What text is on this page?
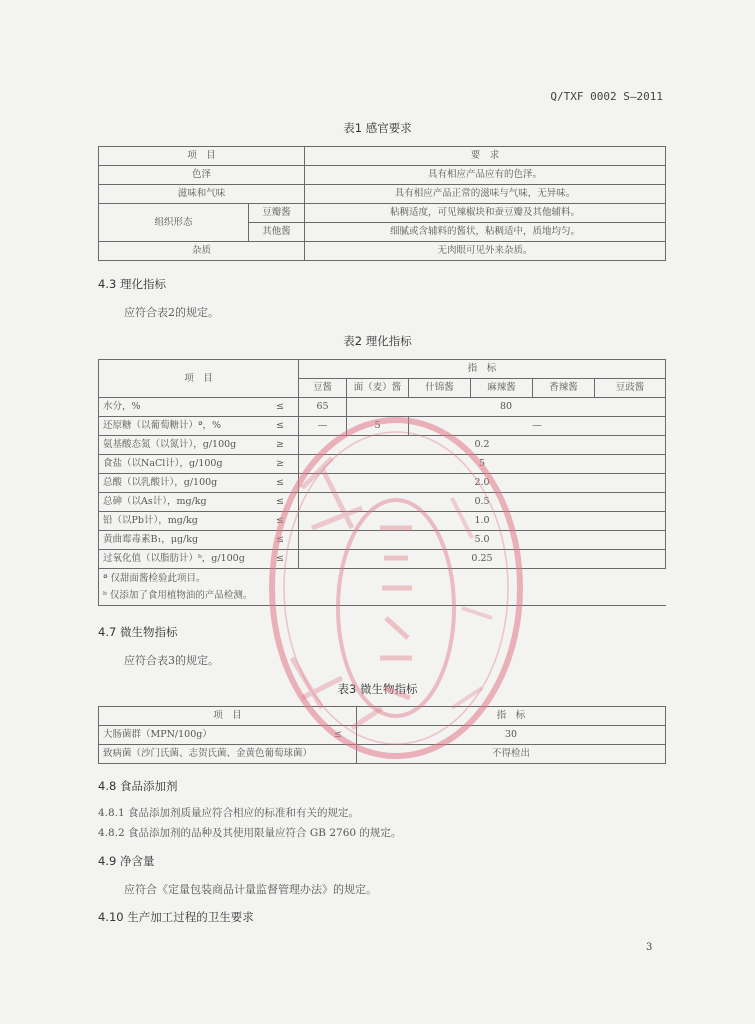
Q/TXF 0002 S—2011
表1 感官要求
项　目		要　求
色泽		具有相应产品应有的色泽。
滋味和气味		具有相应产品正常的滋味与气味，无异味。
组织形态	豆瓣酱	粘稠适度，可见辣椒块和蚕豆瓣及其他辅料。
	其他酱	细腻或含辅料的酱状，粘稠适中，质地均匀。
杂质		无肉眼可见外来杂质。
4.3 理化指标
应符合表2的规定。
表2 理化指标
项　目	指　标					
	豆酱	面（麦）酱	什锦酱	麻辣酱	香辣酱	豆豉酱
水分，% ≤	65	80				
还原糖（以葡萄糖计）ª，% ≤	—	5	—			
氨基酸态氮（以氮计），g/100g ≥	0.2					
食盐（以NaCl计），g/100g ≥	5					
总酸（以乳酸计），g/100g ≤	2.0					
总砷（以As计），mg/kg ≤	0.5					
铅（以Pb计），mg/kg ≤	1.0					
黄曲霉毒素B₁，μg/kg ≤	5.0					
过氧化值（以脂肪计）ᵇ，g/100g ≤	0.25					

ª 仅甜面酱检验此项目。
ᵇ 仅添加了食用植物油的产品检测。						
4.7 微生物指标
应符合表3的规定。
表3 微生物指标
项　目	指　标
大肠菌群（MPN/100g） ≤	30
致病菌（沙门氏菌、志贺氏菌、金黄色葡萄球菌）	不得检出
4.8 食品添加剂
4.8.1 食品添加剂质量应符合相应的标准和有关的规定。
4.8.2 食品添加剂的品种及其使用限量应符合 GB 2760 的规定。
4.9 净含量
应符合《定量包装商品计量监督管理办法》的规定。
4.10 生产加工过程的卫生要求
3
